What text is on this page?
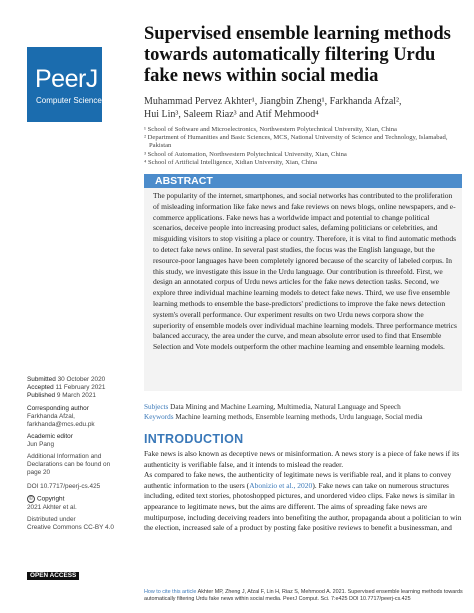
PeerJ
Computer Science
Supervised ensemble learning methods towards automatically filtering Urdu fake news within social media
Muhammad Pervez Akhter¹, Jiangbin Zheng¹, Farkhanda Afzal²,
Hui Lin³, Saleem Riaz³ and Atif Mehmood⁴
¹ School of Software and Microelectronics, Northwestern Polytechnical University, Xian, China
² Department of Humanities and Basic Sciences, MCS, National University of Science and Technology, Islamabad, Pakistan
³ School of Automation, Northwestern Polytechnical University, Xian, China
⁴ School of Artificial Intelligence, Xidian University, Xian, China
ABSTRACT
The popularity of the internet, smartphones, and social networks has contributed to the proliferation of misleading information like fake news and fake reviews on news blogs, online newspapers, and e-commerce applications. Fake news has a worldwide impact and potential to change political scenarios, deceive people into increasing product sales, defaming politicians or celebrities, and misguiding visitors to stop visiting a place or country. Therefore, it is vital to find automatic methods to detect fake news online. In several past studies, the focus was the English language, but the resource-poor languages have been completely ignored because of the scarcity of labeled corpus. In this study, we investigate this issue in the Urdu language. Our contribution is threefold. First, we design an annotated corpus of Urdu news articles for the fake news detection tasks. Second, we explore three individual machine learning models to detect fake news. Third, we use five ensemble learning methods to ensemble the base-predictors' predictions to improve the fake news detection system's overall performance. Our experiment results on two Urdu news corpora show the superiority of ensemble models over individual machine learning models. Three performance metrics balanced accuracy, the area under the curve, and mean absolute error used to find that Ensemble Selection and Vote models outperform the other machine learning and ensemble learning models.
Subjects Data Mining and Machine Learning, Multimedia, Natural Language and Speech
Keywords Machine learning methods, Ensemble learning methods, Urdu language, Social media
INTRODUCTION
Fake news is also known as deceptive news or misinformation. A news story is a piece of fake news if its authenticity is verifiable false, and it intends to mislead the reader.
As compared to fake news, the authenticity of legitimate news is verifiable real, and it plans to convey authentic information to the users (Abonizio et al., 2020). Fake news can take on numerous structures including, edited text stories, photoshopped pictures, and unordered video clips. Fake news is similar in appearance to legitimate news, but the aims are different. The aims of spreading fake news are multipurpose, including deceiving readers into benefiting the author, propaganda about a politician to win the election, increased sale of a product by posting fake positive reviews to benefit a businessman, and
Submitted 30 October 2020
Accepted 11 February 2021
Published 9 March 2021
Corresponding author
Farkhanda Afzal,
farkhanda@mcs.edu.pk
Academic editor
Jun Pang
Additional Information and
Declarations can be found on
page 20
DOI 10.7717/peerj-cs.425
© Copyright
2021 Akhter et al.
Distributed under
Creative Commons CC-BY 4.0
OPEN ACCESS
How to cite this article Akhter MP, Zheng J, Afzal F, Lin H, Riaz S, Mehmood A. 2021. Supervised ensemble learning methods towards automatically filtering Urdu fake news within social media. PeerJ Comput. Sci. 7:e425 DOI 10.7717/peerj-cs.425
